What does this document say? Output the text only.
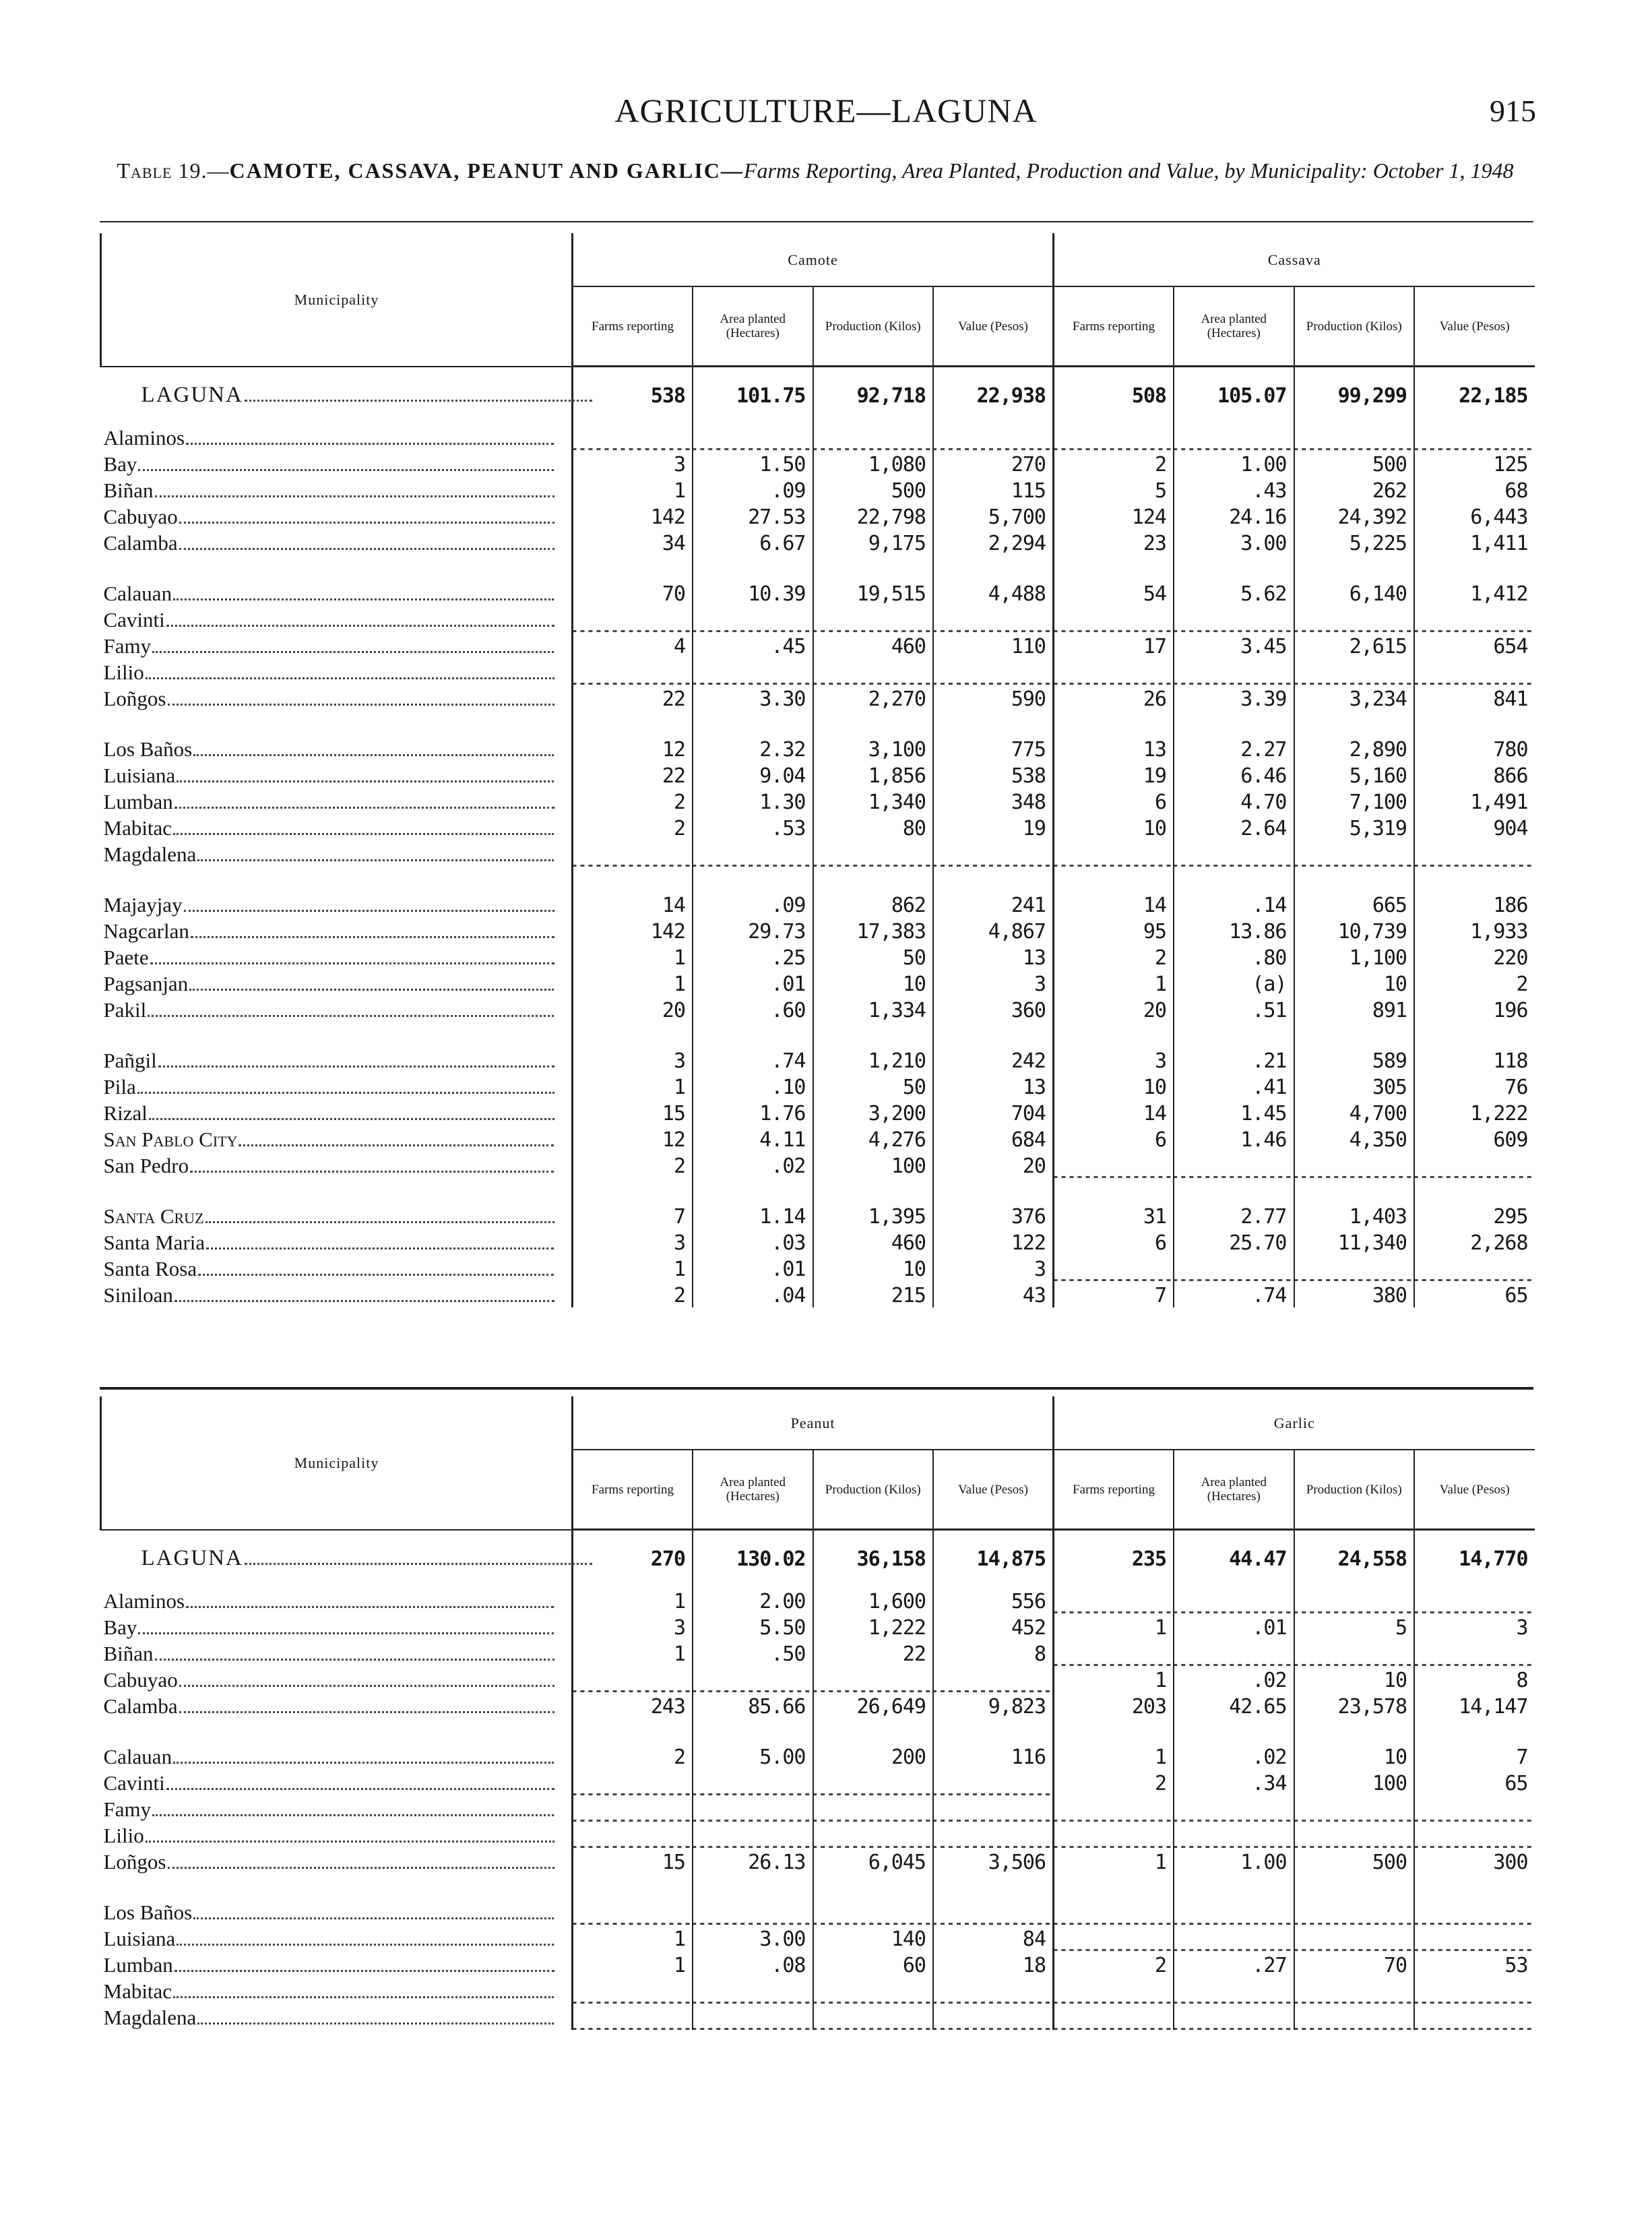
AGRICULTURE—LAGUNA	915
Table 19.—CAMOTE, CASSAVA, PEANUT AND GARLIC—Farms Reporting, Area Planted, Production and Value, by Municipality: October 1, 1948
Municipality	Camote				Cassava			
	Farms reporting	Area planted (Hectares)	Production (Kilos)	Value (Pesos)	Farms reporting	Area planted (Hectares)	Production (Kilos)	Value (Pesos)
LAGUNA	538	101.75	92,718	22,938	508	105.07	99,299	22,185
Alaminos								
Bay	3	1.50	1,080	270	2	1.00	500	125
Biñan	1	.09	500	115	5	.43	262	68
Cabuyao	142	27.53	22,798	5,700	124	24.16	24,392	6,443
Calamba	34	6.67	9,175	2,294	23	3.00	5,225	1,411

Calauan	70	10.39	19,515	4,488	54	5.62	6,140	1,412
Cavinti								
Famy	4	.45	460	110	17	3.45	2,615	654
Lilio								
Loñgos	22	3.30	2,270	590	26	3.39	3,234	841

Los Baños	12	2.32	3,100	775	13	2.27	2,890	780
Luisiana	22	9.04	1,856	538	19	6.46	5,160	866
Lumban	2	1.30	1,340	348	6	4.70	7,100	1,491
Mabitac	2	.53	80	19	10	2.64	5,319	904
Magdalena								

Majayjay	14	.09	862	241	14	.14	665	186
Nagcarlan	142	29.73	17,383	4,867	95	13.86	10,739	1,933
Paete	1	.25	50	13	2	.80	1,100	220
Pagsanjan	1	.01	10	3	1	(a)	10	2
Pakil	20	.60	1,334	360	20	.51	891	196

Pañgil	3	.74	1,210	242	3	.21	589	118
Pila	1	.10	50	13	10	.41	305	76
Rizal	15	1.76	3,200	704	14	1.45	4,700	1,222
San Pablo City	12	4.11	4,276	684	6	1.46	4,350	609
San Pedro	2	.02	100	20				

Santa Cruz	7	1.14	1,395	376	31	2.77	1,403	295
Santa Maria	3	.03	460	122	6	25.70	11,340	2,268
Santa Rosa	1	.01	10	3				
Siniloan	2	.04	215	43	7	.74	380	65
Municipality	Peanut				Garlic			
	Farms reporting	Area planted (Hectares)	Production (Kilos)	Value (Pesos)	Farms reporting	Area planted (Hectares)	Production (Kilos)	Value (Pesos)
LAGUNA	270	130.02	36,158	14,875	235	44.47	24,558	14,770
Alaminos	1	2.00	1,600	556				
Bay	3	5.50	1,222	452	1	.01	5	3
Biñan	1	.50	22	8				
Cabuyao					1	.02	10	8
Calamba	243	85.66	26,649	9,823	203	42.65	23,578	14,147

Calauan	2	5.00	200	116	1	.02	10	7
Cavinti					2	.34	100	65
Famy								
Lilio								
Loñgos	15	26.13	6,045	3,506	1	1.00	500	300

Los Baños								
Luisiana	1	3.00	140	84				
Lumban	1	.08	60	18	2	.27	70	53
Mabitac								
Magdalena								
